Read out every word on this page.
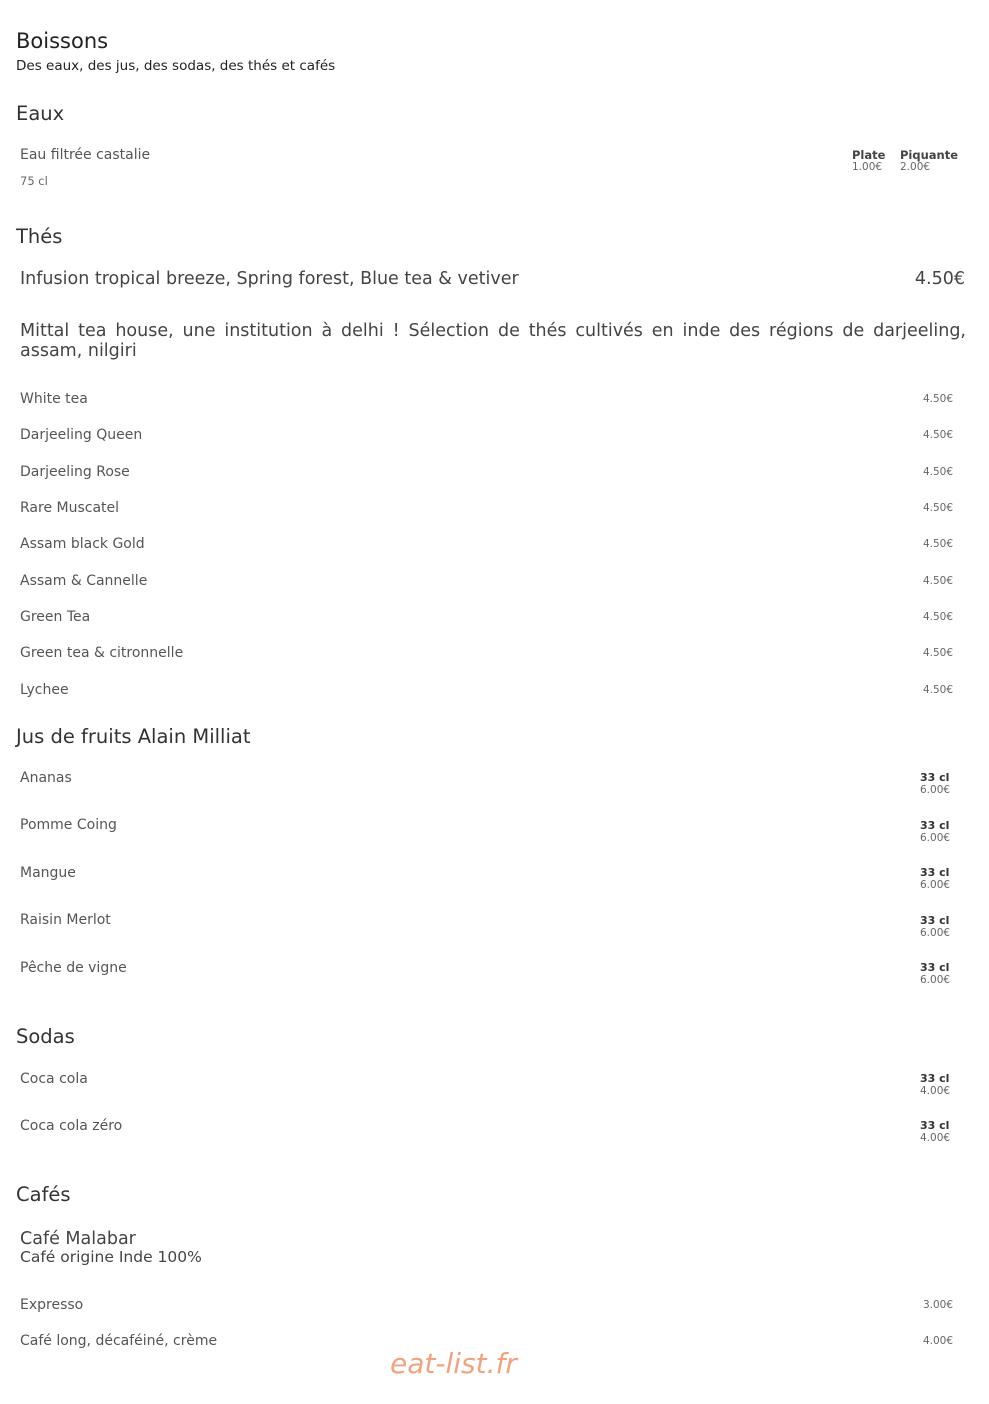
Boissons
Des eaux, des jus, des sodas, des thés et cafés
Eaux
Eau filtrée castalie
75 cl
Plate
1.00€
Piquante
2.00€
Thés
Infusion tropical breeze, Spring forest, Blue tea & vetiver	4.50€
Mittal tea house, une institution à delhi ! Sélection de thés cultivés en inde des régions de darjeeling, assam, nilgiri
White tea	4.50€
Darjeeling Queen	4.50€
Darjeeling Rose	4.50€
Rare Muscatel	4.50€
Assam black Gold	4.50€
Assam & Cannelle	4.50€
Green Tea	4.50€
Green tea & citronnelle	4.50€
Lychee	4.50€
Jus de fruits Alain Milliat
Ananas	33 cl
6.00€
Pomme Coing	33 cl
6.00€
Mangue	33 cl
6.00€
Raisin Merlot	33 cl
6.00€
Pêche de vigne	33 cl
6.00€
Sodas
Coca cola	33 cl
4.00€
Coca cola zéro	33 cl
4.00€
Cafés
Café Malabar
Café origine Inde 100%
Expresso	3.00€
Café long, décaféiné, crème	4.00€
eat-list.fr
